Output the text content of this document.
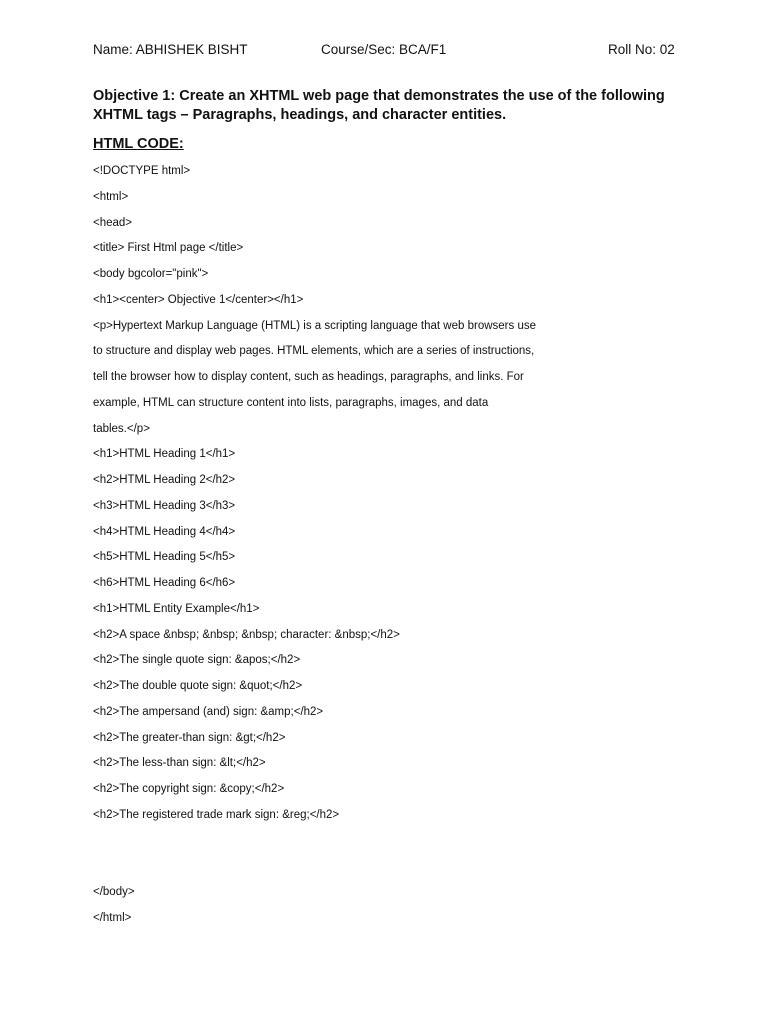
Name: ABHISHEK BISHT	Course/Sec: BCA/F1	Roll No: 02
Objective 1: Create an XHTML web page that demonstrates the use of the following XHTML tags – Paragraphs, headings, and character entities.
HTML CODE:
<!DOCTYPE html>
<html>
<head>
<title> First Html page </title>
<body bgcolor="pink">
<h1><center> Objective 1</center></h1>
<p>Hypertext Markup Language (HTML) is a scripting language that web browsers use
to structure and display web pages. HTML elements, which are a series of instructions,
tell the browser how to display content, such as headings, paragraphs, and links. For
example, HTML can structure content into lists, paragraphs, images, and data
tables.</p>
<h1>HTML Heading 1</h1>
<h2>HTML Heading 2</h2>
<h3>HTML Heading 3</h3>
<h4>HTML Heading 4</h4>
<h5>HTML Heading 5</h5>
<h6>HTML Heading 6</h6>
<h1>HTML Entity Example</h1>
<h2>A space &nbsp; &nbsp; &nbsp; character: &nbsp;</h2>
<h2>The single quote sign: &apos;</h2>
<h2>The double quote sign: &quot;</h2>
<h2>The ampersand (and) sign: &amp;</h2>
<h2>The greater-than sign: &gt;</h2>
<h2>The less-than sign: &lt;</h2>
<h2>The copyright sign: &copy;</h2>
<h2>The registered trade mark sign: &reg;</h2>
</body>
</html>
